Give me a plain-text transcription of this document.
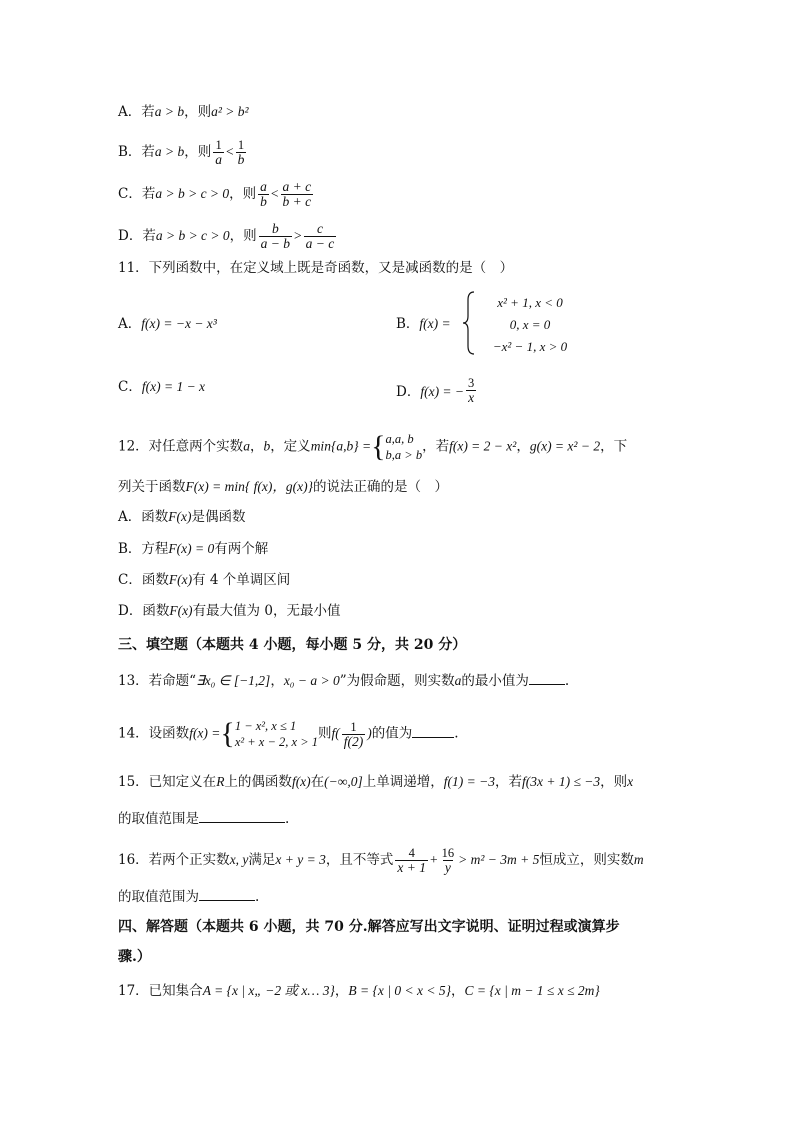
A．若a > b，则a² > b²
B．若a > b，则 $\frac{1}{a} < \frac{1}{b}$
C．若a > b > c > 0，则 $\frac{a}{b} < \frac{a + c}{b + c}$
D．若a > b > c > 0，则 $\frac{b}{a - b} > \frac{c}{a - c}$
11．下列函数中，在定义域上既是奇函数，又是减函数的是（　）
A．f(x) = −x − x³	B．f(x) =
x² + 1, x < 0
0, x = 0
−x² − 1, x > 0
C．f(x) = 1 − x	D．f(x) = − $\frac{3}{x}$
12．对任意两个实数a，b，定义min{a,b} ={ a,a, b
b,a > b
，若f(x) = 2 − x²，g(x) = x² − 2，下
列关于函数F(x) = min{ f(x)，g(x)}的说法正确的是（　）
A．函数F(x)是偶函数
B．方程F(x) = 0有两个解
C．函数F(x)有 4 个单调区间
D．函数F(x)有最大值为 0，无最小值
三、填空题（本题共 4 小题，每小题 5 分，共 20 分）
13．若命题“∃x₀ ∈ [−1,2]，x₀ − a > 0”为假命题，则实数a的最小值为	.
14．设函数f(x) ={ 1 − x², x ≤ 1
x² + x − 2, x > 1
则$f( \frac{1}{f(2)}$ )的值为	.
15．已知定义在R上的偶函数f(x)在(−∞,0]上单调递增，f(1) = −3，若f(3x + 1) ≤ −3，则x
的取值范围是	.
16．若两个正实数x, y满足x + y = 3，且不等式 $\frac{4}{x + 1} + \frac{16}{y} > m^2 - 3m + 5$恒成立，则实数m
的取值范围为	.
四、解答题（本题共 6 小题，共 70 分.解答应写出文字说明、证明过程或演算步
骤.）
17．已知集合A = {x | x„ −2 或 x… 3}，B = {x | 0 < x < 5}，C = {x | m − 1 ≤ x ≤ 2m}
